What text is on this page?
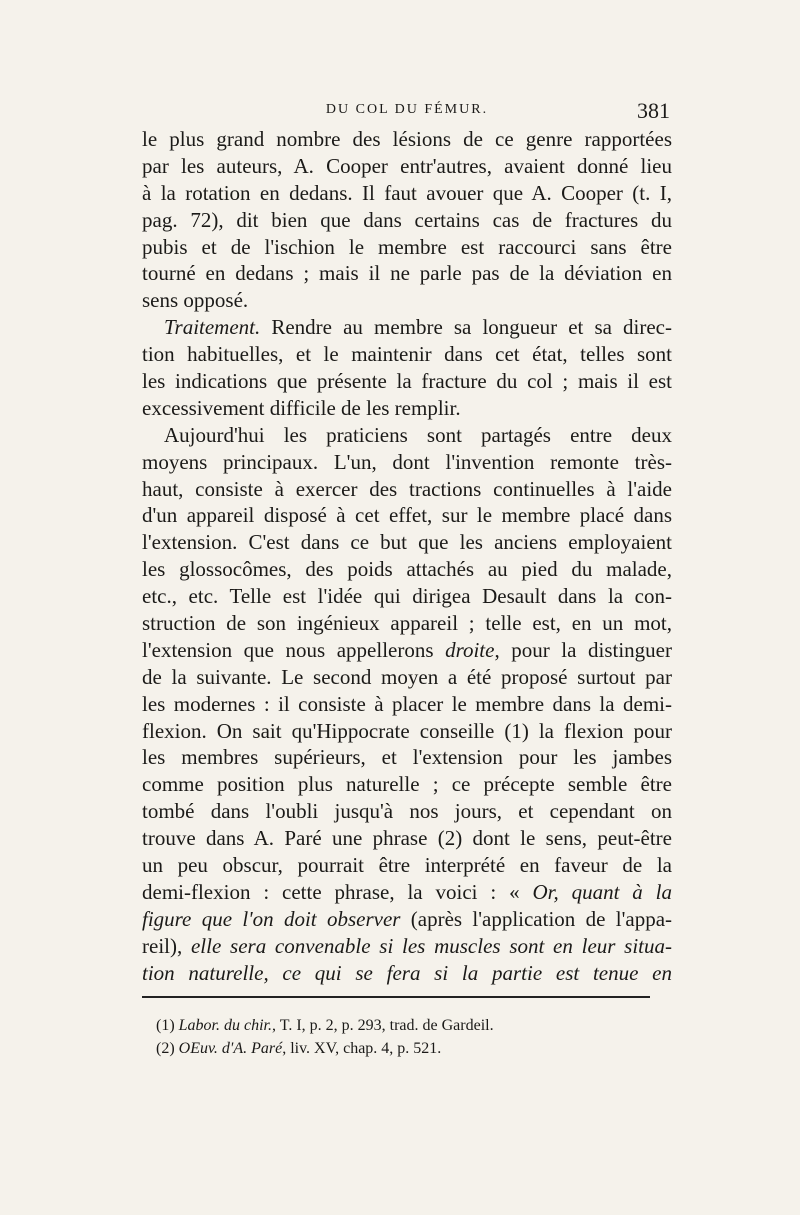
DU COL DU FÉMUR.	381
le plus grand nombre des lésions de ce genre rapportées
par les auteurs, A. Cooper entr'autres, avaient donné lieu
à la rotation en dedans. Il faut avouer que A. Cooper (t. I,
pag. 72), dit bien que dans certains cas de fractures du
pubis et de l'ischion le membre est raccourci sans être
tourné en dedans ; mais il ne parle pas de la déviation en
sens opposé.
Traitement. Rendre au membre sa longueur et sa direc-
tion habituelles, et le maintenir dans cet état, telles sont
les indications que présente la fracture du col ; mais il est
excessivement difficile de les remplir.
Aujourd'hui les praticiens sont partagés entre deux
moyens principaux. L'un, dont l'invention remonte très-
haut, consiste à exercer des tractions continuelles à l'aide
d'un appareil disposé à cet effet, sur le membre placé dans
l'extension. C'est dans ce but que les anciens employaient
les glossocômes, des poids attachés au pied du malade,
etc., etc. Telle est l'idée qui dirigea Desault dans la con-
struction de son ingénieux appareil ; telle est, en un mot,
l'extension que nous appellerons droite, pour la distinguer
de la suivante. Le second moyen a été proposé surtout par
les modernes : il consiste à placer le membre dans la demi-
flexion. On sait qu'Hippocrate conseille (1) la flexion pour
les membres supérieurs, et l'extension pour les jambes
comme position plus naturelle ; ce précepte semble être
tombé dans l'oubli jusqu'à nos jours, et cependant on
trouve dans A. Paré une phrase (2) dont le sens, peut-être
un peu obscur, pourrait être interprété en faveur de la
demi-flexion : cette phrase, la voici : « Or, quant à la
figure que l'on doit observer (après l'application de l'appa-
reil), elle sera convenable si les muscles sont en leur situa-
tion naturelle, ce qui se fera si la partie est tenue en
(1) Labor. du chir., T. I, p. 2, p. 293, trad. de Gardeil.
(2) OEuv. d'A. Paré, liv. XV, chap. 4, p. 521.
